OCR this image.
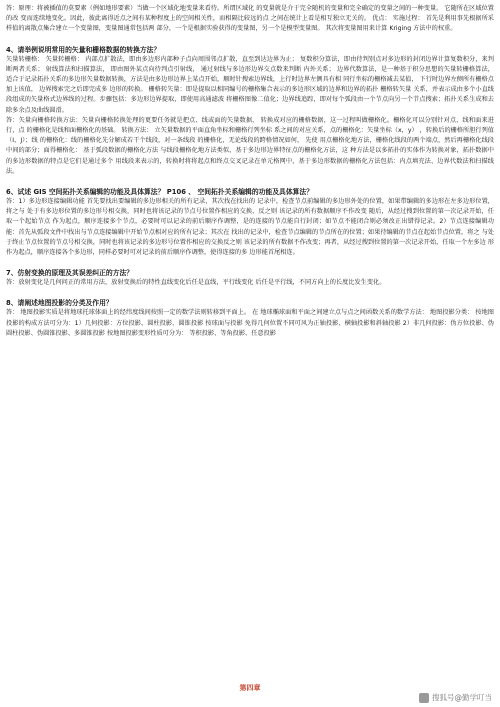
答：原理：将被插值的莫要素（例如地形要素）当做一个区域化地变量来看待。所谓区域化 的变量就是介于完全随机的变量和完全确定的变量之间的一种变量。 它随所在区域位置的改 变而连续地变化。因此，彼此离得近点之间有某种程度上的空间相关性，而相隔比较远的点 之间在统计上看是相互独立无关的。 优点： 实施过程： 首先是利用事先根据所采样值的离散点集合建立一个变量图，变量图通常包括两 部分，一个是根据实验获得的变量图，另一个是模型变量图。 其次将变量图用来计算 Kriging 方法中的权重。

4、请举例说明常用的矢量和栅格数据的转换方法？

矢量转栅格： 矢量转栅格： 内部点扩散法，即由多边形内部种子点向周围邻点扩散，直至到达边界为止； 复数积分算法，即由待判别点对多边形的封闭边界计算复数积分，来判断两者关系； 射线算法和扫描算法， 即由图外某点向待判点引射线， 通过射线与多边形边界交点数来判断 内外关系； 边界代数算法，是一种基于积分思想的矢量转栅格算法， 适合于记录拓扑关系的多边形矢量数据转换，方法是由多边形边界上某点开始，顺时针搜索边界线，上行时边界左侧具有相 同行坐标的栅格减去某值， 下行时边界左侧所有栅格点加上该值， 边界搜索完之后即完成多 边形的转换。 栅格转矢量：即是提取以相同编号的栅格集合表示的多边形区域的边界和边界的拓扑 栅格转矢量 关系，并表示成由多个小直线段组成的矢量格式边界线的过程。步骤包括：多边形边界提取，即使用高通滤波 将栅格图像二值化；边界线追踪，即对每个弧段由一个节点向另一个节点搜索；拓扑关系生成和去除多余点及曲线圆滑。

答：矢量向栅格转换方法：矢量向栅格转换处理的更要任务就是把点、线或面的矢量数据， 转换成对应的栅格数据，这一过程叫做栅格化。栅格化可以分别针对点、线和面来进行，点 的栅格化是线和面栅格化的基础。 转换方法： 立矢量数据的平面直角坐标和栅格行列坐标 系之间的对应关系，点的栅格化：矢量坐标（x，y） ，转换后的栅格所胆行列值（I，J）；线 的栅格化：线的栅格化先分解成若干个线段，对一条线段 的栅格化，无论线段的跨格情况如何， 先使 用点栅格化地方法，栅格化线段的两个端点，然后再栅格化线段中间的部分；面得栅格化： 基于弧段数据的栅格化方法 与线段栅格化地方法类似，基于多边形边界特征点的栅格化方法，这 种方法是以多拓扑的实体作为转换对象，拓扑数据中的多边形数据的特点是它们是通过多个 用线段来表示的，转换时将将起点和终点交叉记录在单元格网中，基于多边形数据的栅格化方法包括：内点填充法、边界代数法和扫描线法。

6、试述 GIS 空间拓扑关系编辑的功能及具体算法？ P106 、 空间拓扑关系编辑的功能及具体算法？

答：1）多边形连接编辑功能 首先要找出要编辑的多边形相关的所有记录，其次找在找出的 记录中，检查节点前编辑的多边形外处的位置，如果带编辑的多边形在左多边形位置，将之与 处于有多边形位置的多边形号相交换，同时也将该记录的节点号位置作相应的交换，反之则 该记录的所有数据顺序不作改变 随后，从经过搜到位置的第一次记录开始，任取一个起始节点 作为起点，顺序连接多个节点，必要时可以记录的前后顺序作调整，是的连接的节点能自行封闭；如节点不能闭合则必须改正出错得记录。2）节点连接编辑功能：首先从弧段文件中找出与节点连接编辑中开始节点相对应的所有记录；其次在 找出的记录中，检查节点编辑的节点所在的位置；如果待编辑的节点在起始节点位置，将之 与处于终止节点位置的节点号相交换，同时也将该记录的多边形号位置作相应的交换反之则 该记录的所有数据不作改变；再者，从经过搜到位置的第一次记录开始，任取一个左多边 形作为起点，顺序连接各个多边形，同样必要时可对记录的前后顺序作调整，使得连接的多 边形能首尾相连。

7、仿射变换的原理及其误差纠正的方法？

答：放射变化是几何问正的常用方法，放射变换后的特性直线变化后任是直线，平行线变化 后任是平行线，不同方向上的长度比发生变化。

8、请阐述地图投影的分类及作用？

答： 地图投影实质是将地球托球体面上的经纬度线间按照一定的数学法则转移到平面上。 在 地球椭球面和平面之间建立点与点之间函数关系的数学方法： 地图投影分类： 按地图投影的构成方法可分为：1）几何投影：方位投影、圆柱投影、圆锥投影 按球面与投影 免得几何位置不同可风为正轴投影、横轴投影和斜轴投影 2）非几何投影：伪方位投影、伪圆柱投影、伪圆锥投影、多圆锥投影 按地图投影变形性质可分为： 等积投影、等角投影、任意投影

第四章
搜狐号@勤学叮当
